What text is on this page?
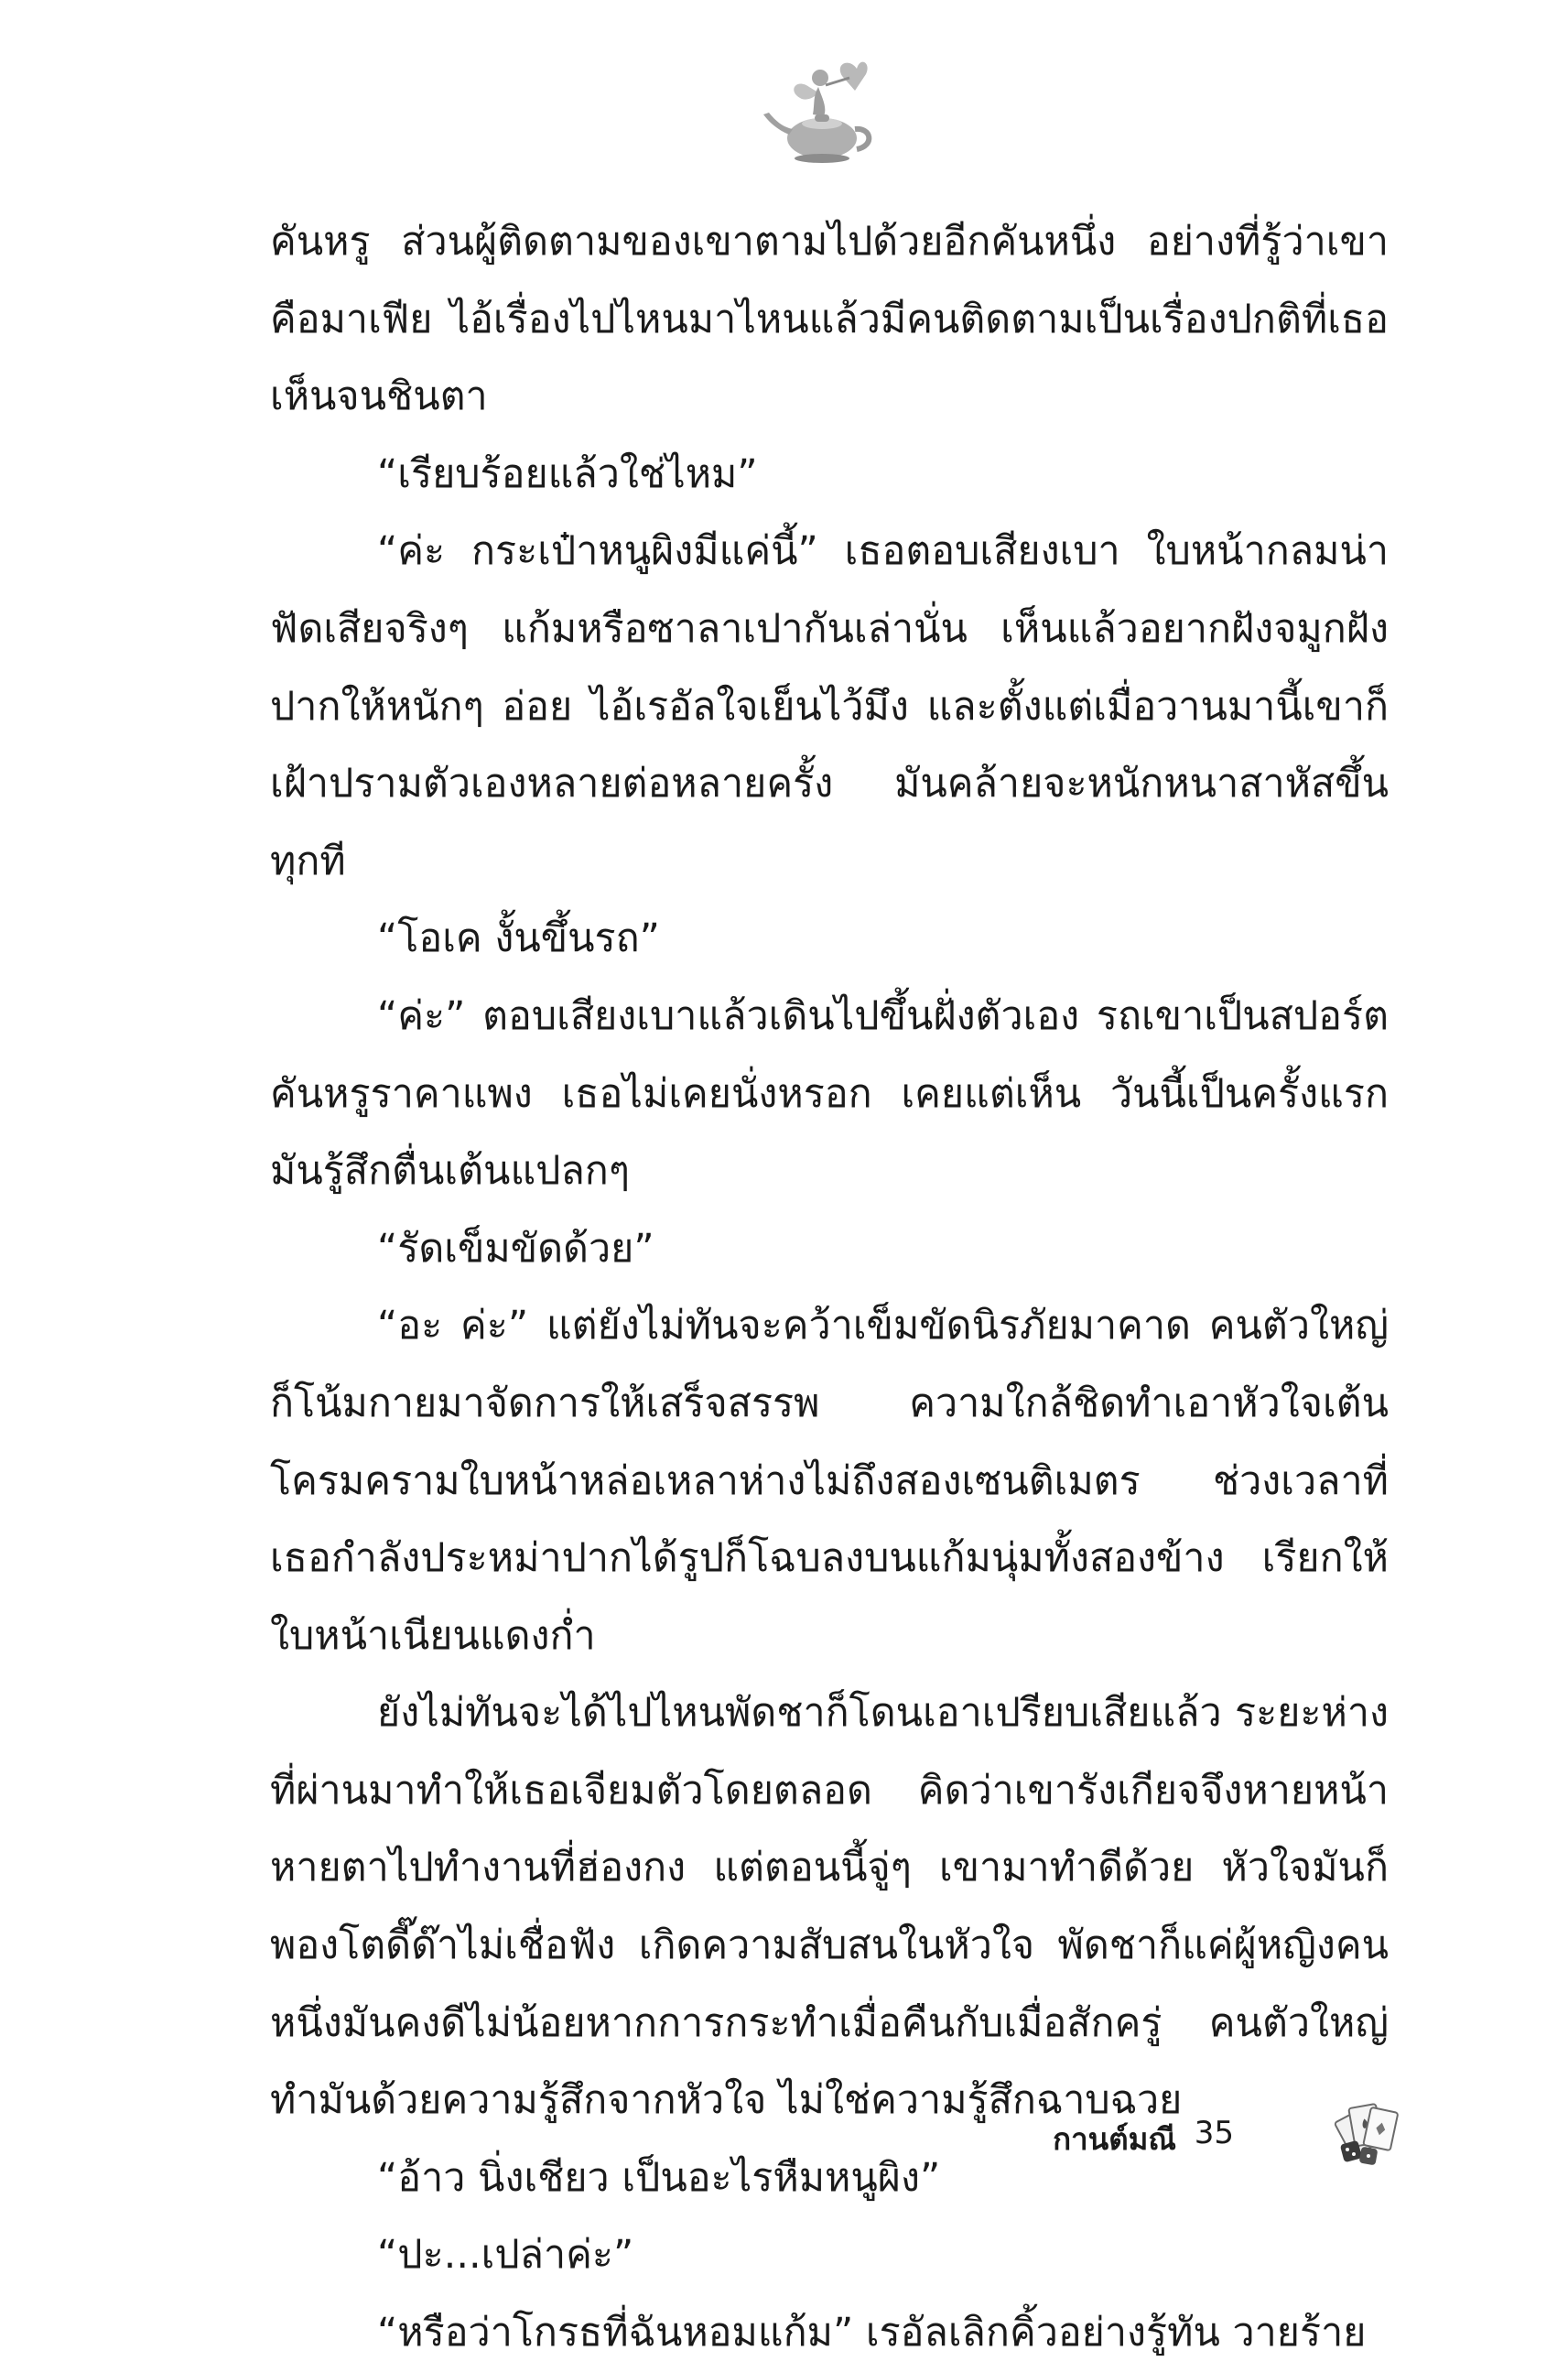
คันหรู ส่วนผู้ติดตามของเขาตามไปด้วยอีกคันหนึ่ง อย่างที่รู้ว่าเขาคือมาเฟีย ไอ้เรื่องไปไหนมาไหนแล้วมีคนติดตามเป็นเรื่องปกติที่เธอเห็นจนชินตา

“เรียบร้อยแล้วใช่ไหม”

“ค่ะ กระเป๋าหนูผิงมีแค่นี้” เธอตอบเสียงเบา ใบหน้ากลมน่าฟัดเสียจริงๆ แก้มหรือซาลาเปากันเล่านั่น เห็นแล้วอยากฝังจมูกฝังปากให้หนักๆ อ่อย ไอ้เรอัลใจเย็นไว้มึง และตั้งแต่เมื่อวานมานี้เขาก็เฝ้าปรามตัวเองหลายต่อหลายครั้ง มันคล้ายจะหนักหนาสาหัสขึ้นทุกที

“โอเค งั้นขึ้นรถ”

“ค่ะ” ตอบเสียงเบาแล้วเดินไปขึ้นฝั่งตัวเอง รถเขาเป็นสปอร์ตคันหรูราคาแพง เธอไม่เคยนั่งหรอก เคยแต่เห็น วันนี้เป็นครั้งแรก มันรู้สึกตื่นเต้นแปลกๆ

“รัดเข็มขัดด้วย”

“อะ ค่ะ” แต่ยังไม่ทันจะคว้าเข็มขัดนิรภัยมาคาด คนตัวใหญ่ก็โน้มกายมาจัดการให้เสร็จสรรพ ความใกล้ชิดทำเอาหัวใจเต้นโครมครามใบหน้าหล่อเหลาห่างไม่ถึงสองเซนติเมตร ช่วงเวลาที่เธอกำลังประหม่าปากได้รูปก็โฉบลงบนแก้มนุ่มทั้งสองข้าง เรียกให้ใบหน้าเนียนแดงก่ำ

ยังไม่ทันจะได้ไปไหนพัดชาก็โดนเอาเปรียบเสียแล้ว ระยะห่างที่ผ่านมาทำให้เธอเจียมตัวโดยตลอด คิดว่าเขารังเกียจจึงหายหน้าหายตาไปทำงานที่ฮ่องกง แต่ตอนนี้จู่ๆ เขามาทำดีด้วย หัวใจมันก็พองโตดี๊ด๊าไม่เชื่อฟัง เกิดความสับสนในหัวใจ พัดชาก็แค่ผู้หญิงคนหนึ่งมันคงดีไม่น้อยหากการกระทำเมื่อคืนกับเมื่อสักครู่ คนตัวใหญ่ทำมันด้วยความรู้สึกจากหัวใจ ไม่ใช่ความรู้สึกฉาบฉวย

“อ้าว นิ่งเชียว เป็นอะไรหืมหนูผิง”

“ปะ...เปล่าค่ะ”

“หรือว่าโกรธที่ฉันหอมแก้ม” เรอัลเลิกคิ้วอย่างรู้ทัน วายร้าย

กานต์มณี 35
